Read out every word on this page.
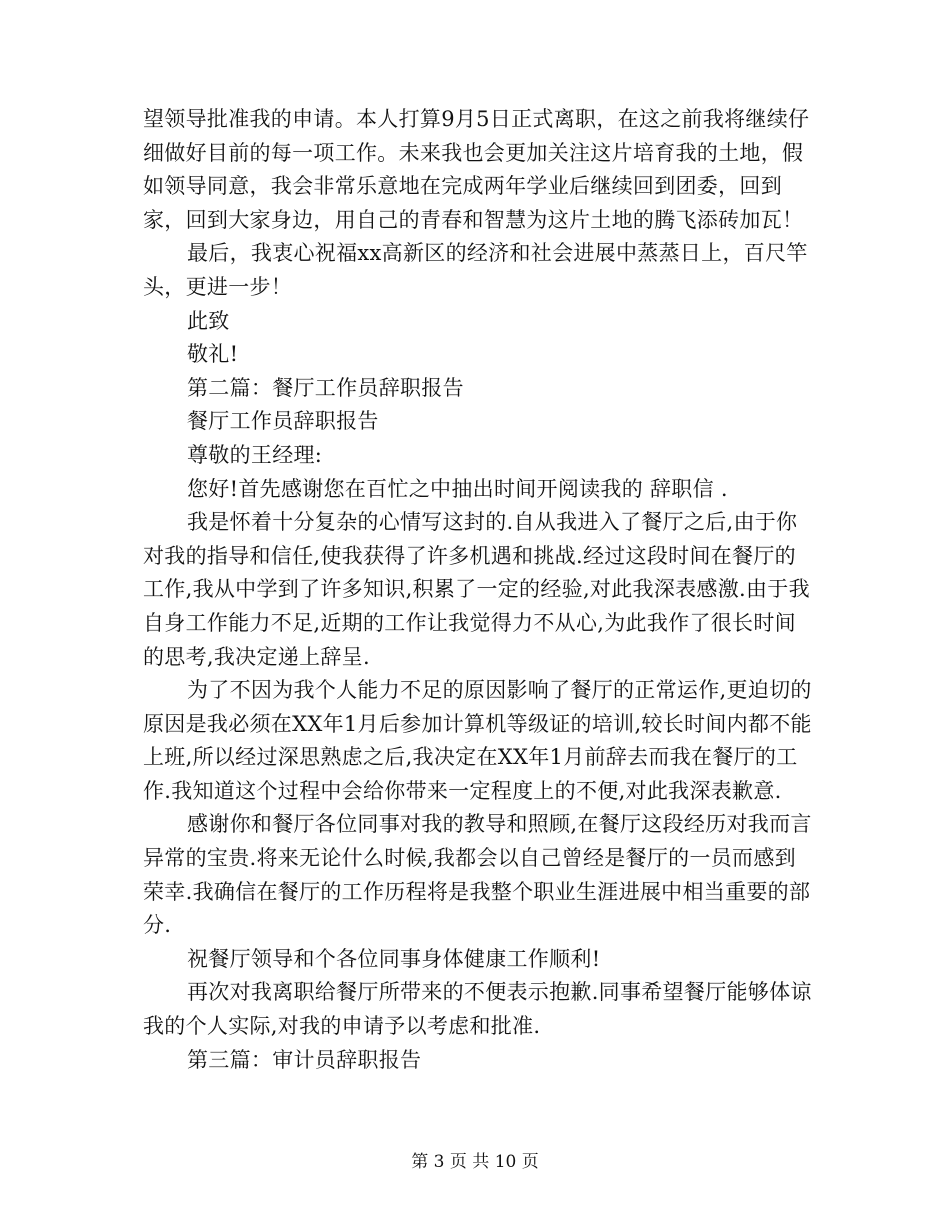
望领导批准我的申请。本人打算9月5日正式离职，在这之前我将继续仔细做好目前的每一项工作。未来我也会更加关注这片培育我的土地，假如领导同意，我会非常乐意地在完成两年学业后继续回到团委，回到家，回到大家身边，用自己的青春和智慧为这片土地的腾飞添砖加瓦！

最后，我衷心祝福xx高新区的经济和社会进展中蒸蒸日上，百尺竿头，更进一步！

此致

敬礼!

第二篇：餐厅工作员辞职报告

餐厅工作员辞职报告

尊敬的王经理:

您好!首先感谢您在百忙之中抽出时间开阅读我的 辞职信 .

我是怀着十分复杂的心情写这封的.自从我进入了餐厅之后,由于你对我的指导和信任,使我获得了许多机遇和挑战.经过这段时间在餐厅的工作,我从中学到了许多知识,积累了一定的经验,对此我深表感激.由于我自身工作能力不足,近期的工作让我觉得力不从心,为此我作了很长时间的思考,我决定递上辞呈.

为了不因为我个人能力不足的原因影响了餐厅的正常运作,更迫切的原因是我必须在XX年1月后参加计算机等级证的培训,较长时间内都不能上班,所以经过深思熟虑之后,我决定在XX年1月前辞去而我在餐厅的工作.我知道这个过程中会给你带来一定程度上的不便,对此我深表歉意.

感谢你和餐厅各位同事对我的教导和照顾,在餐厅这段经历对我而言异常的宝贵.将来无论什么时候,我都会以自己曾经是餐厅的一员而感到荣幸.我确信在餐厅的工作历程将是我整个职业生涯进展中相当重要的部分.

祝餐厅领导和个各位同事身体健康工作顺利!

再次对我离职给餐厅所带来的不便表示抱歉.同事希望餐厅能够体谅我的个人实际,对我的申请予以考虑和批准.

第三篇：审计员辞职报告

第 3 页 共 10 页
